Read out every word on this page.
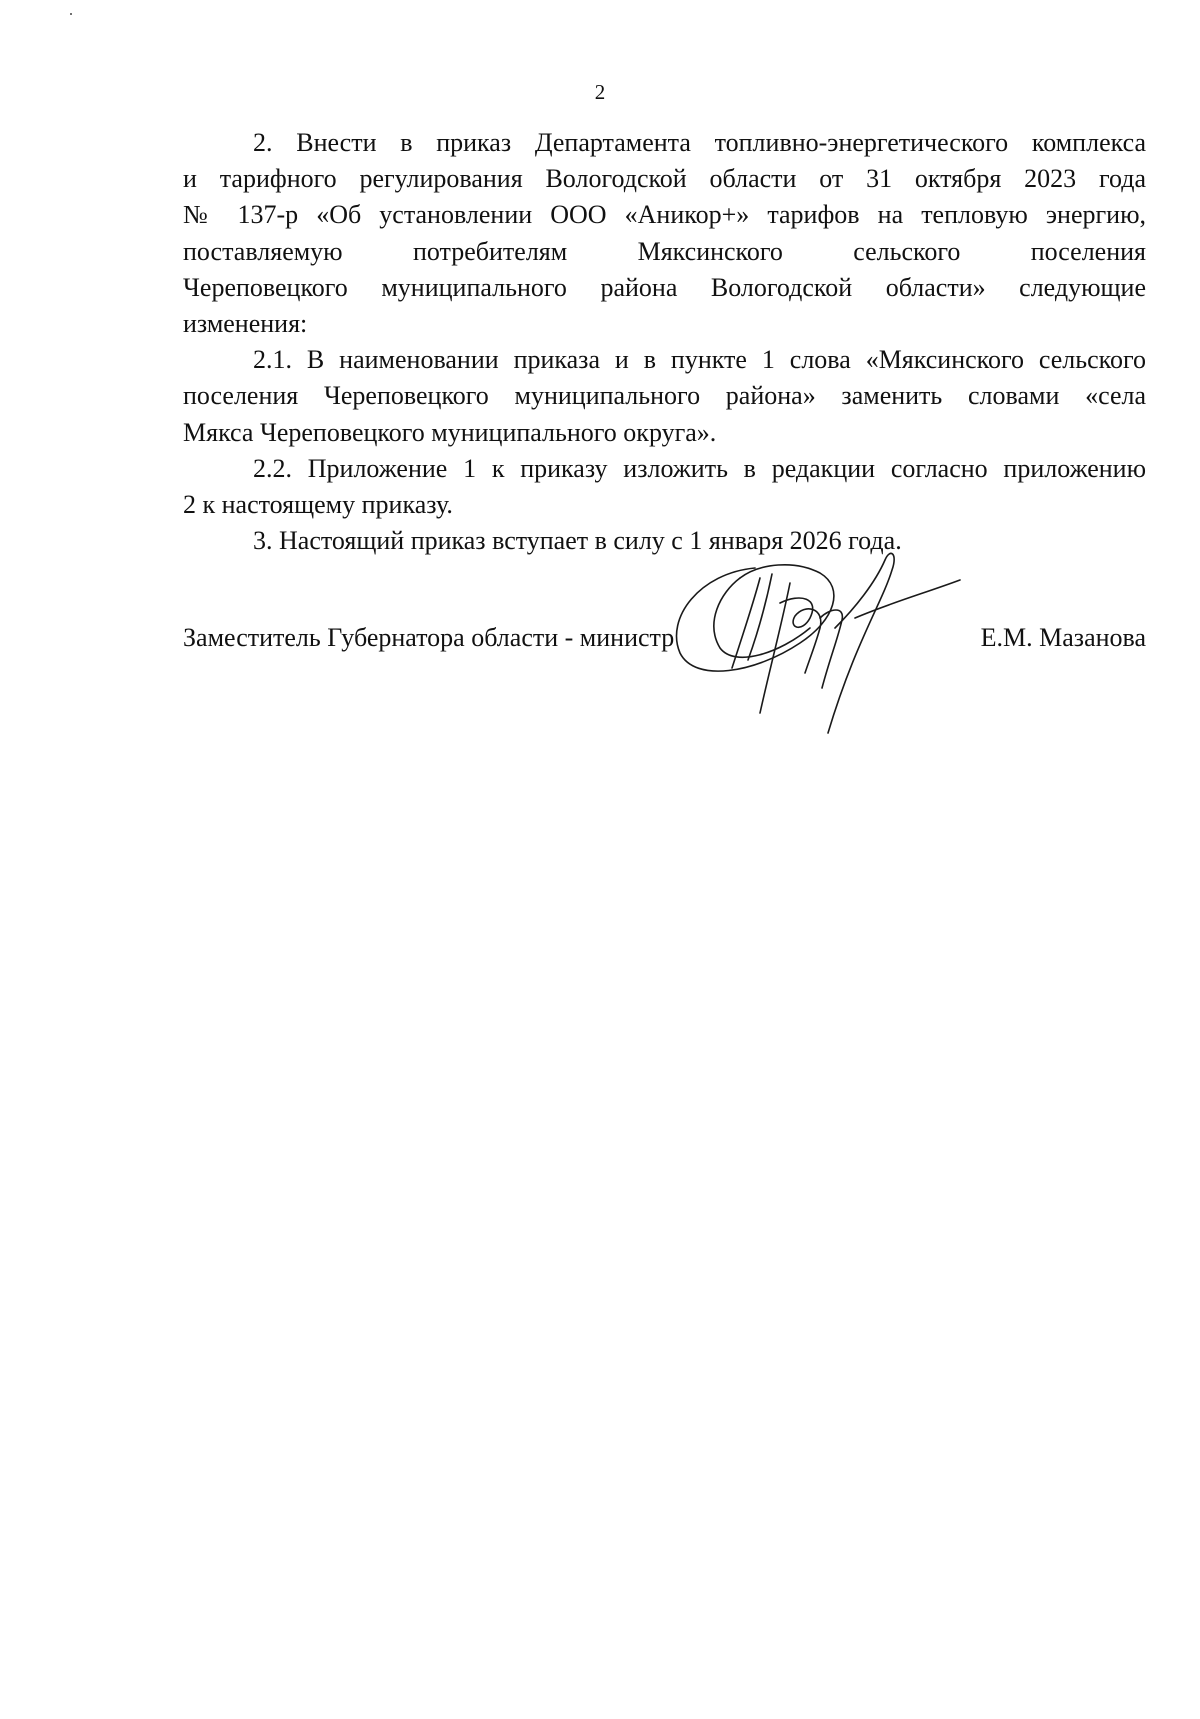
2

2. Внести в приказ Департамента топливно-энергетического комплекса
и тарифного регулирования Вологодской области от 31 октября 2023 года
№ 137-р «Об установлении ООО «Аникор+» тарифов на тепловую энергию,
поставляемую потребителям Мяксинского сельского поселения
Череповецкого муниципального района Вологодской области» следующие
изменения:

2.1. В наименовании приказа и в пункте 1 слова «Мяксинского сельского
поселения Череповецкого муниципального района» заменить словами «села
Мякса Череповецкого муниципального округа».

2.2. Приложение 1 к приказу изложить в редакции согласно приложению
2 к настоящему приказу.

3. Настоящий приказ вступает в силу с 1 января 2026 года.

Заместитель Губернатора области - министр	Е.М. Мазанова
